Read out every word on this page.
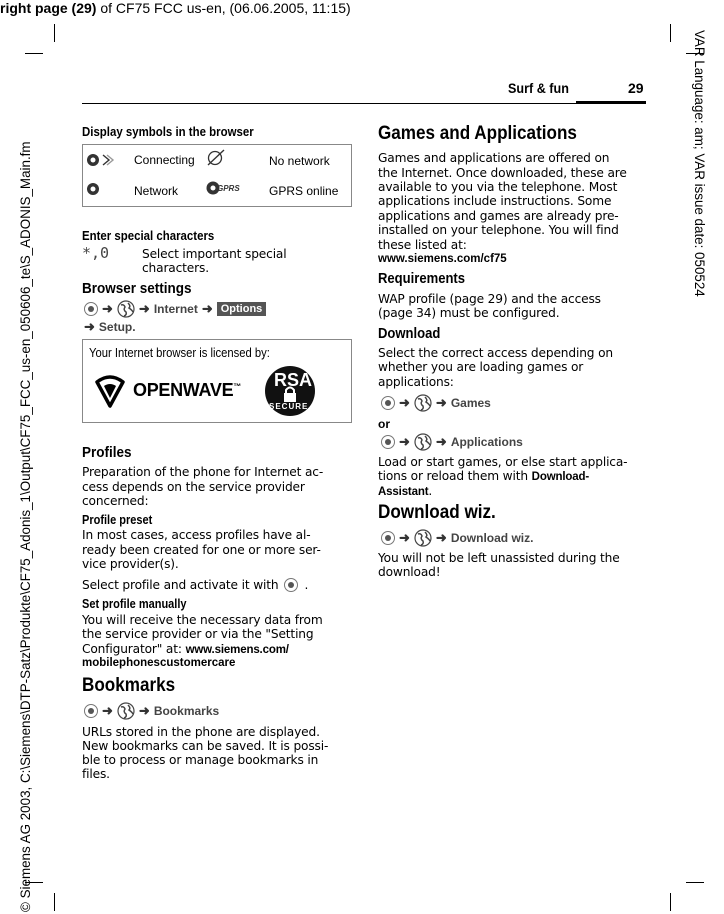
right page (29) of CF75 FCC us-en, (06.06.2005, 11:15)
© Siemens AG 2003, C:\Siemens\DTP-Satz\Produkte\CF75_Adonis_1\Output\CF75_FCC_us-en_050606_te\S_ADONIS_Main.fm	VAR Language: am; VAR issue date: 050524
Surf & fun	29
Display symbols in the browser
Connecting	No network
Network	GPRS GPRS online
Enter special characters
*,0	Select important special
characters.
Browser settings
➜ ➜ Internet ➜ Options
➜ Setup.
Your Internet browser is licensed by:
OPENWAVE™ RSA
SECURE
Profiles
Preparation of the phone for Internet ac-
cess depends on the service provider
concerned:
Profile preset
In most cases, access profiles have al-
ready been created for one or more ser-
vice provider(s).
Select profile and activate it with .
Set profile manually
You will receive the necessary data from
the service provider or via the "Setting
Configurator" at: www.siemens.com/
mobilephonescustomercare
Bookmarks
➜ ➜ Bookmarks
URLs stored in the phone are displayed.
New bookmarks can be saved. It is possi-
ble to process or manage bookmarks in
files.
Games and Applications
Games and applications are offered on
the Internet. Once downloaded, these are
available to you via the telephone. Most
applications include instructions. Some
applications and games are already pre-
installed on your telephone. You will find
these listed at:
www.siemens.com/cf75
Requirements
WAP profile (page 29) and the access
(page 34) must be configured.
Download
Select the correct access depending on
whether you are loading games or
applications:
➜ ➜ Games
or
➜ ➜ Applications
Load or start games, or else start applica-
tions or reload them with Download-
Assistant.
Download wiz.
➜ ➜ Download wiz.
You will not be left unassisted during the
download!
